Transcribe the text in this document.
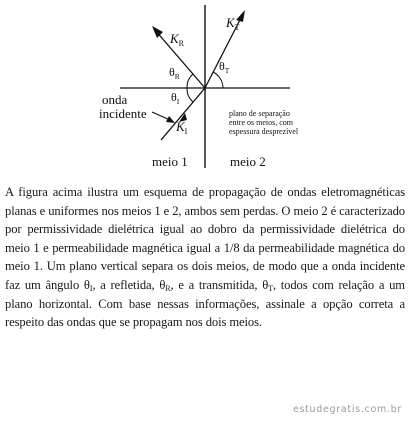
$K_T$
$K_R$
$K_I$
$\theta_T$
$\theta_R$
$\theta_I$
onda
incidente	plano de separação
entre os meios, com
espessura desprezível
meio 1	meio 2

A figura acima ilustra um esquema de propagação de ondas eletromagnéticas planas e uniformes nos meios 1 e 2, ambos sem perdas. O meio 2 é caracterizado por permissividade dielétrica igual ao dobro da permissividade dielétrica do meio 1 e permeabilidade magnética igual a 1/8 da permeabilidade magnética do meio 1. Um plano vertical separa os dois meios, de modo que a onda incidente faz um ângulo $\theta_I$, a refletida, $\theta_R$, e a transmitida, $\theta_T$, todos com relação a um plano horizontal. Com base nessas informações, assinale a opção correta a respeito das ondas que se propagam nos dois meios.

estudegratis.com.br
